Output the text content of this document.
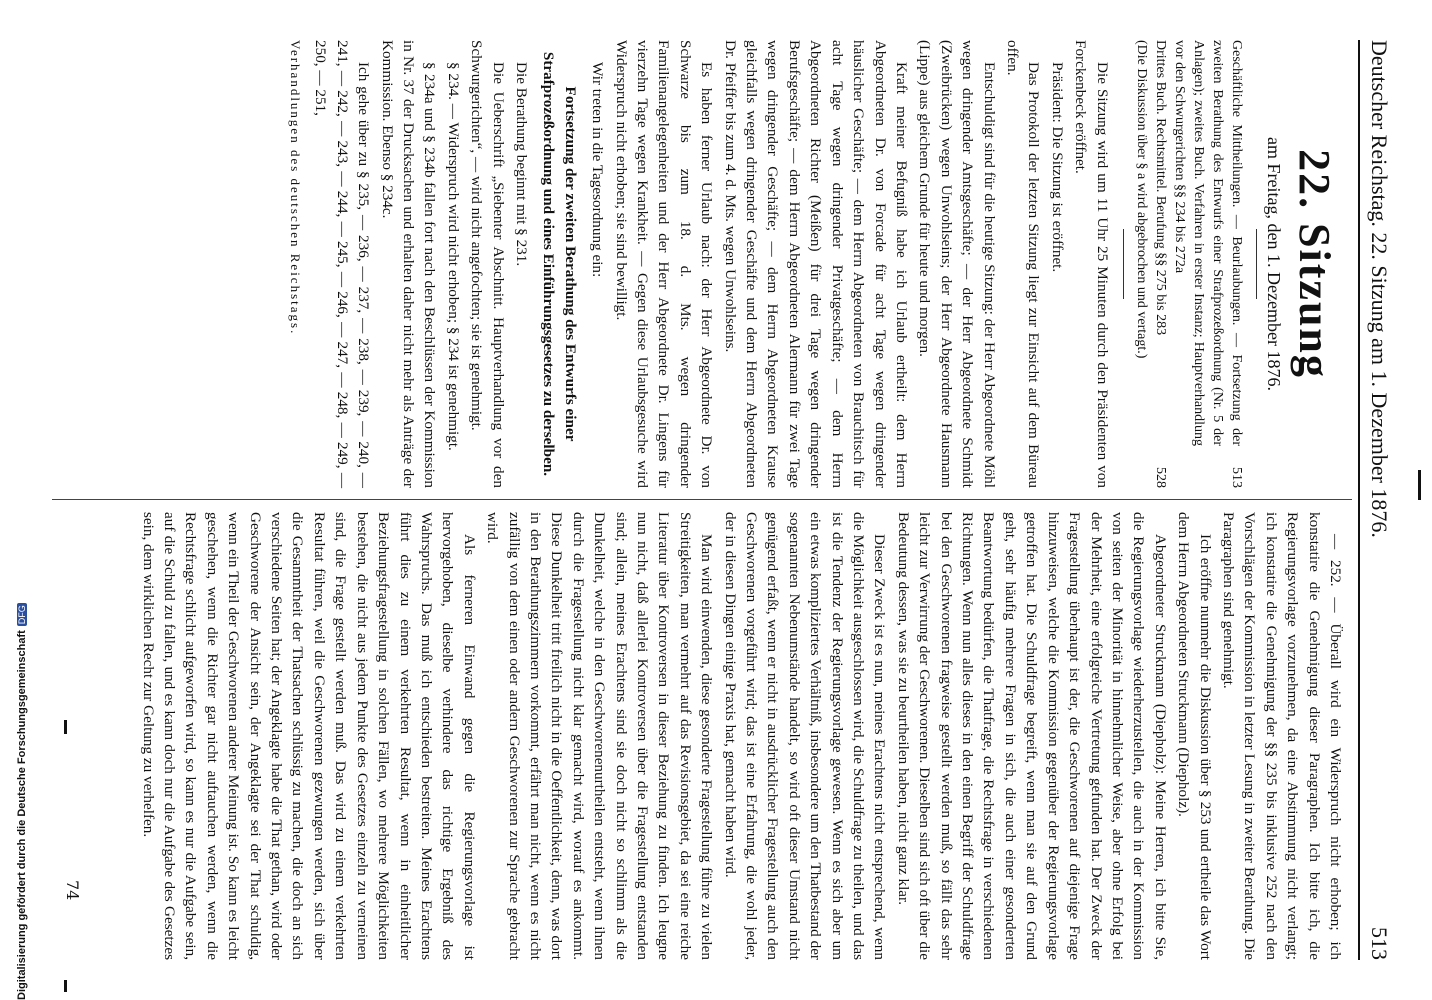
Digitalisierung gefördert durch die Deutsche ForschungsgemeinschaftDFG
Deutscher Reichstag. 22. Sitzung am 1. Dezember 1876.
513
22. Sitzung
am Freitag, den 1. Dezember 1876.
Geschäftliche Mittheilungen. — Beurlaubungen. — Fortsetzung der zweiten Berathung des Entwurfs einer Strafprozeßordnung (Nr. 5 der Anlagen); zweites Buch. Verfahren in erster Instanz; Hauptverhandlung vor den Schwurgerichten §§ 234 bis 272a
513
Drittes Buch. Rechtsmittel. Berufung §§ 275 bis 283
528
(Die Diskussion über § a wird abgebrochen und vertagt.)

Die Sitzung wird um 11 Uhr 25 Minuten durch den Präsidenten von Forckenbeck eröffnet.

Präsident: Die Sitzung ist eröffnet.

Das Protokoll der letzten Sitzung liegt zur Einsicht auf dem Büreau offen.

Entschuldigt sind für die heutige Sitzung: der Herr Abgeordnete Möhl wegen dringender Amtsgeschäfte; — der Herr Abgeordnete Schmidt (Zweibrücken) wegen Unwohlseins; der Herr Abgeordnete Hausmann (Lippe) aus gleichem Grunde für heute und morgen.

Kraft meiner Befugniß habe ich Urlaub ertheilt: dem Herrn Abgeordneten Dr. von Forcade für acht Tage wegen dringender häuslicher Geschäfte; — dem Herrn Abgeordneten von Brauchitsch für acht Tage wegen dringender Privatgeschäfte; — dem Herrn Abgeordneten Richter (Meißen) für drei Tage wegen dringender Berufsgeschäfte; — dem Herrn Abgeordneten Alermann für zwei Tage wegen dringender Geschäfte; — dem Herrn Abgeordneten Krause gleichfalls wegen dringender Geschäfte und dem Herrn Abgeordneten Dr. Pfeiffer bis zum 4. d. Mts. wegen Unwohlseins.

Es haben ferner Urlaub nach: der Herr Abgeordnete Dr. von Schwarze bis zum 18. d. Mts. wegen dringender Familienangelegenheiten und der Herr Abgeordnete Dr. Lingens für vierzehn Tage wegen Krankheit. — Gegen diese Urlaubsgesuche wird Widerspruch nicht erhoben; sie sind bewilligt.

Wir treten in die Tagesordnung ein:

Fortsetzung der zweiten Berathung des Entwurfs einer Strafprozeßordnung und eines Einführungsgesetzes zu derselben.

Die Berathung beginnt mit § 231.

Die Ueberschrift „Siebenter Abschnitt. Hauptverhandlung vor den Schwurgerichten“, — wird nicht angefochten; sie ist genehmigt.

§ 234. — Widerspruch wird nicht erhoben; § 234 ist genehmigt.

§ 234a und § 234b fallen fort nach den Beschlüssen der Kommission in Nr. 37 der Drucksachen und erhalten daher nicht mehr als Anträge der Kommission. Ebenso § 234c.

Ich gehe über zu § 235, — 236, — 237, — 238, — 239, — 240, — 241, — 242, — 243, — 244, — 245, — 246, — 247, — 248, — 249, — 250, — 251,

Verhandlungen des deutschen Reichstags.

— 252. — Überall wird ein Widerspruch nicht erhoben; ich konstatire die Genehmigung dieser Paragraphen. Ich bitte ich, die Regierungsvorlage vorzunehmen, da eine Abstimmung nicht verlangt; ich konstatire die Genehmigung der §§ 235 bis inklusive 252 nach den Vorschlägen der Kommission in letzter Lesung in zweiter Berathung. Die Paragraphen sind genehmigt.

Ich eröffne nunmehr die Diskussion über § 253 und ertheile das Wort dem Herrn Abgeordneten Struckmann (Diepholz).

Abgeordneter Struckmann (Diepholz): Meine Herren, ich bitte Sie, die Regierungsvorlage wiederherzustellen, die auch in der Kommission von seiten der Minorität in hinnehmlicher Weise, aber ohne Erfolg bei der Mehrheit, eine erfolgreiche Vertretung gefunden hat. Der Zweck der Fragestellung überhaupt ist der, die Geschworenen auf diejenige Frage hinzuweisen, welche die Kommission gegenüber der Regierungsvorlage getroffen hat. Die Schuldfrage begreift, wenn man sie auf den Grund geht, sehr häufig mehrere Fragen in sich, die auch einer gesonderten Beantwortung bedürfen, die Thatfrage, die Rechtsfrage in verschiedenen Richtungen. Wenn nun alles dieses in den einen Begriff der Schuldfrage bei den Geschworenen fragweise gestellt werden muß, so fällt das sehr leicht zur Verwirrung der Geschworenen. Dieselben sind sich oft über die Bedeutung dessen, was sie zu beurtheilen haben, nicht ganz klar.

Dieser Zweck ist es nun, meines Erachtens nicht entsprechend, wenn die Möglichkeit ausgeschlossen wird, die Schuldfrage zu theilen, und das ist die Tendenz der Regierungsvorlage gewesen. Wenn es sich aber um ein etwas kompliziertes Verhältniß, insbesondere um den Thatbestand der sogenannten Nebenumstände handelt, so wird oft dieser Umstand nicht genügend erfaßt, wenn er nicht in ausdrücklicher Fragestellung auch den Geschworenen vorgeführt wird; das ist eine Erfahrung, die wohl jeder, der in diesen Dingen einige Praxis hat, gemacht haben wird.

Man wird einwenden, diese gesonderte Fragestellung führe zu vielen Streitigkeiten, man vermehrt auf das Revisionsgebiet, da sei eine reiche Literatur über Kontroversen in dieser Beziehung zu finden. Ich leugne nun nicht, daß allerlei Kontroversen über die Fragestellung entstanden sind; allein, meines Erachtens sind sie doch nicht so schlimm als die Dunkelheit, welche in den Geschworenenurtheilen entsteht, wenn ihnen durch die Fragestellung nicht klar gemacht wird, worauf es ankommt. Diese Dunkelheit tritt freilich nicht in die Oeffentlichkeit, denn, was dort in den Berathungszimmern vorkommt, erfährt man nicht, wenn es nicht zufällig von dem einen oder andern Geschworenen zur Sprache gebracht wird.

Als ferneren Einwand gegen die Regierungsvorlage ist hervorgehoben, dieselbe verhindere das richtige Ergebniß des Wahrspruchs. Das muß ich entschieden bestreiten. Meines Erachtens führt dies zu einem verkehrten Resultat, wenn in einheitlicher Beziehungsfragestellung in solchen Fällen, wo mehrere Möglichkeiten bestehen, die nicht aus jedem Punkte des Gesetzes einzeln zu verneinen sind, die Frage gestellt werden muß. Das wird zu einem verkehrten Resultat führen, weil die Geschworenen gezwungen werden, sich über die Gesammtheit der Thatsachen schlüssig zu machen, die doch an sich verschiedene Seiten hat; der Angeklagte habe die That gethan, wird oder Geschworene der Ansicht sein, der Angeklagte sei der That schuldig, wenn ein Theil der Geschworenen anderer Meinung ist. So kann es leicht geschehen, wenn die Richter gar nicht auftauchen werden, wenn die Rechtsfrage schlicht aufgeworfen wird, so kann es nur die Aufgabe sein, auf die Schuld zu fallen, und es kann doch nur die Aufgabe des Gesetzes sein, dem wirklichen Recht zur Geltung zu verhelfen.

74
